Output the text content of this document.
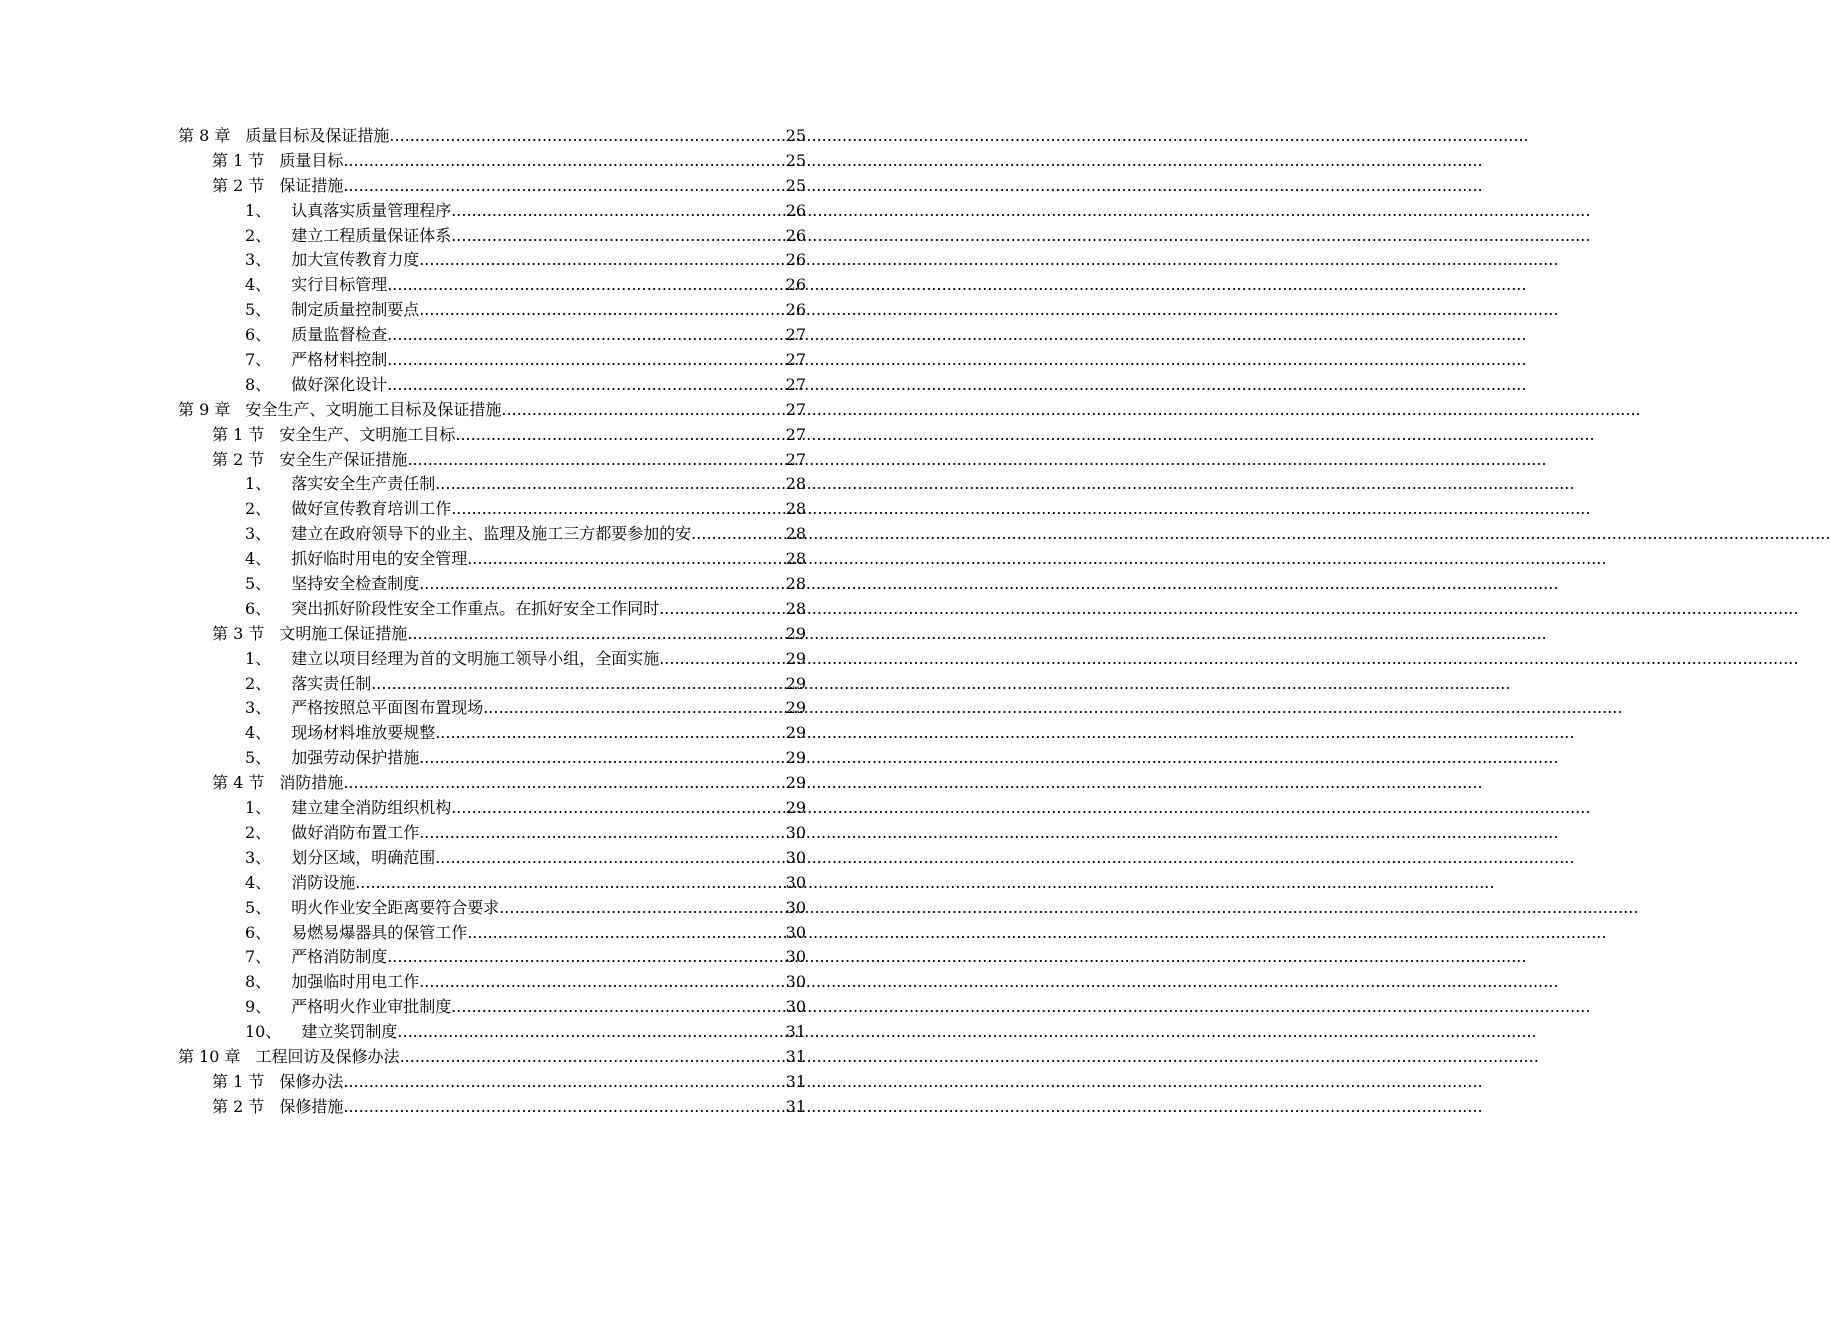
第 8 章 质量目标及保证措施 .....	25
第 1 节 质量目标 .....	25
第 2 节 保证措施 .....	25
1、 认真落实质量管理程序 .....	26
2、 建立工程质量保证体系 .....	26
3、 加大宣传教育力度 .....	26
4、 实行目标管理 .....	26
5、 制定质量控制要点 .....	26
6、 质量监督检查 .....	27
7、 严格材料控制 .....	27
8、 做好深化设计 .....	27
第 9 章 安全生产、文明施工目标及保证措施 .....	27
第 1 节 安全生产、文明施工目标 .....	27
第 2 节 安全生产保证措施 .....	27
1、 落实安全生产责任制 .....	28
2、 做好宣传教育培训工作 .....	28
3、 建立在政府领导下的业主、监理及施工三方都要参加的安 .....	28
4、 抓好临时用电的安全管理 .....	28
5、 坚持安全检查制度 .....	28
6、 突出抓好阶段性安全工作重点。在抓好安全工作同时 .....	28
第 3 节 文明施工保证措施 .....	29
1、 建立以项目经理为首的文明施工领导小组，全面实施 .....	29
2、 落实责任制 .....	29
3、 严格按照总平面图布置现场 .....	29
4、 现场材料堆放要规整 .....	29
5、 加强劳动保护措施 .....	29
第 4 节 消防措施 .....	29
1、 建立建全消防组织机构 .....	29
2、 做好消防布置工作 .....	30
3、 划分区域，明确范围 .....	30
4、 消防设施 .....	30
5、 明火作业安全距离要符合要求 .....	30
6、 易燃易爆器具的保管工作 .....	30
7、 严格消防制度 .....	30
8、 加强临时用电工作 .....	30
9、 严格明火作业审批制度 .....	30
10、 建立奖罚制度 .....	31
第 10 章 工程回访及保修办法 .....	31
第 1 节 保修办法 .....	31
第 2 节 保修措施 .....	31
